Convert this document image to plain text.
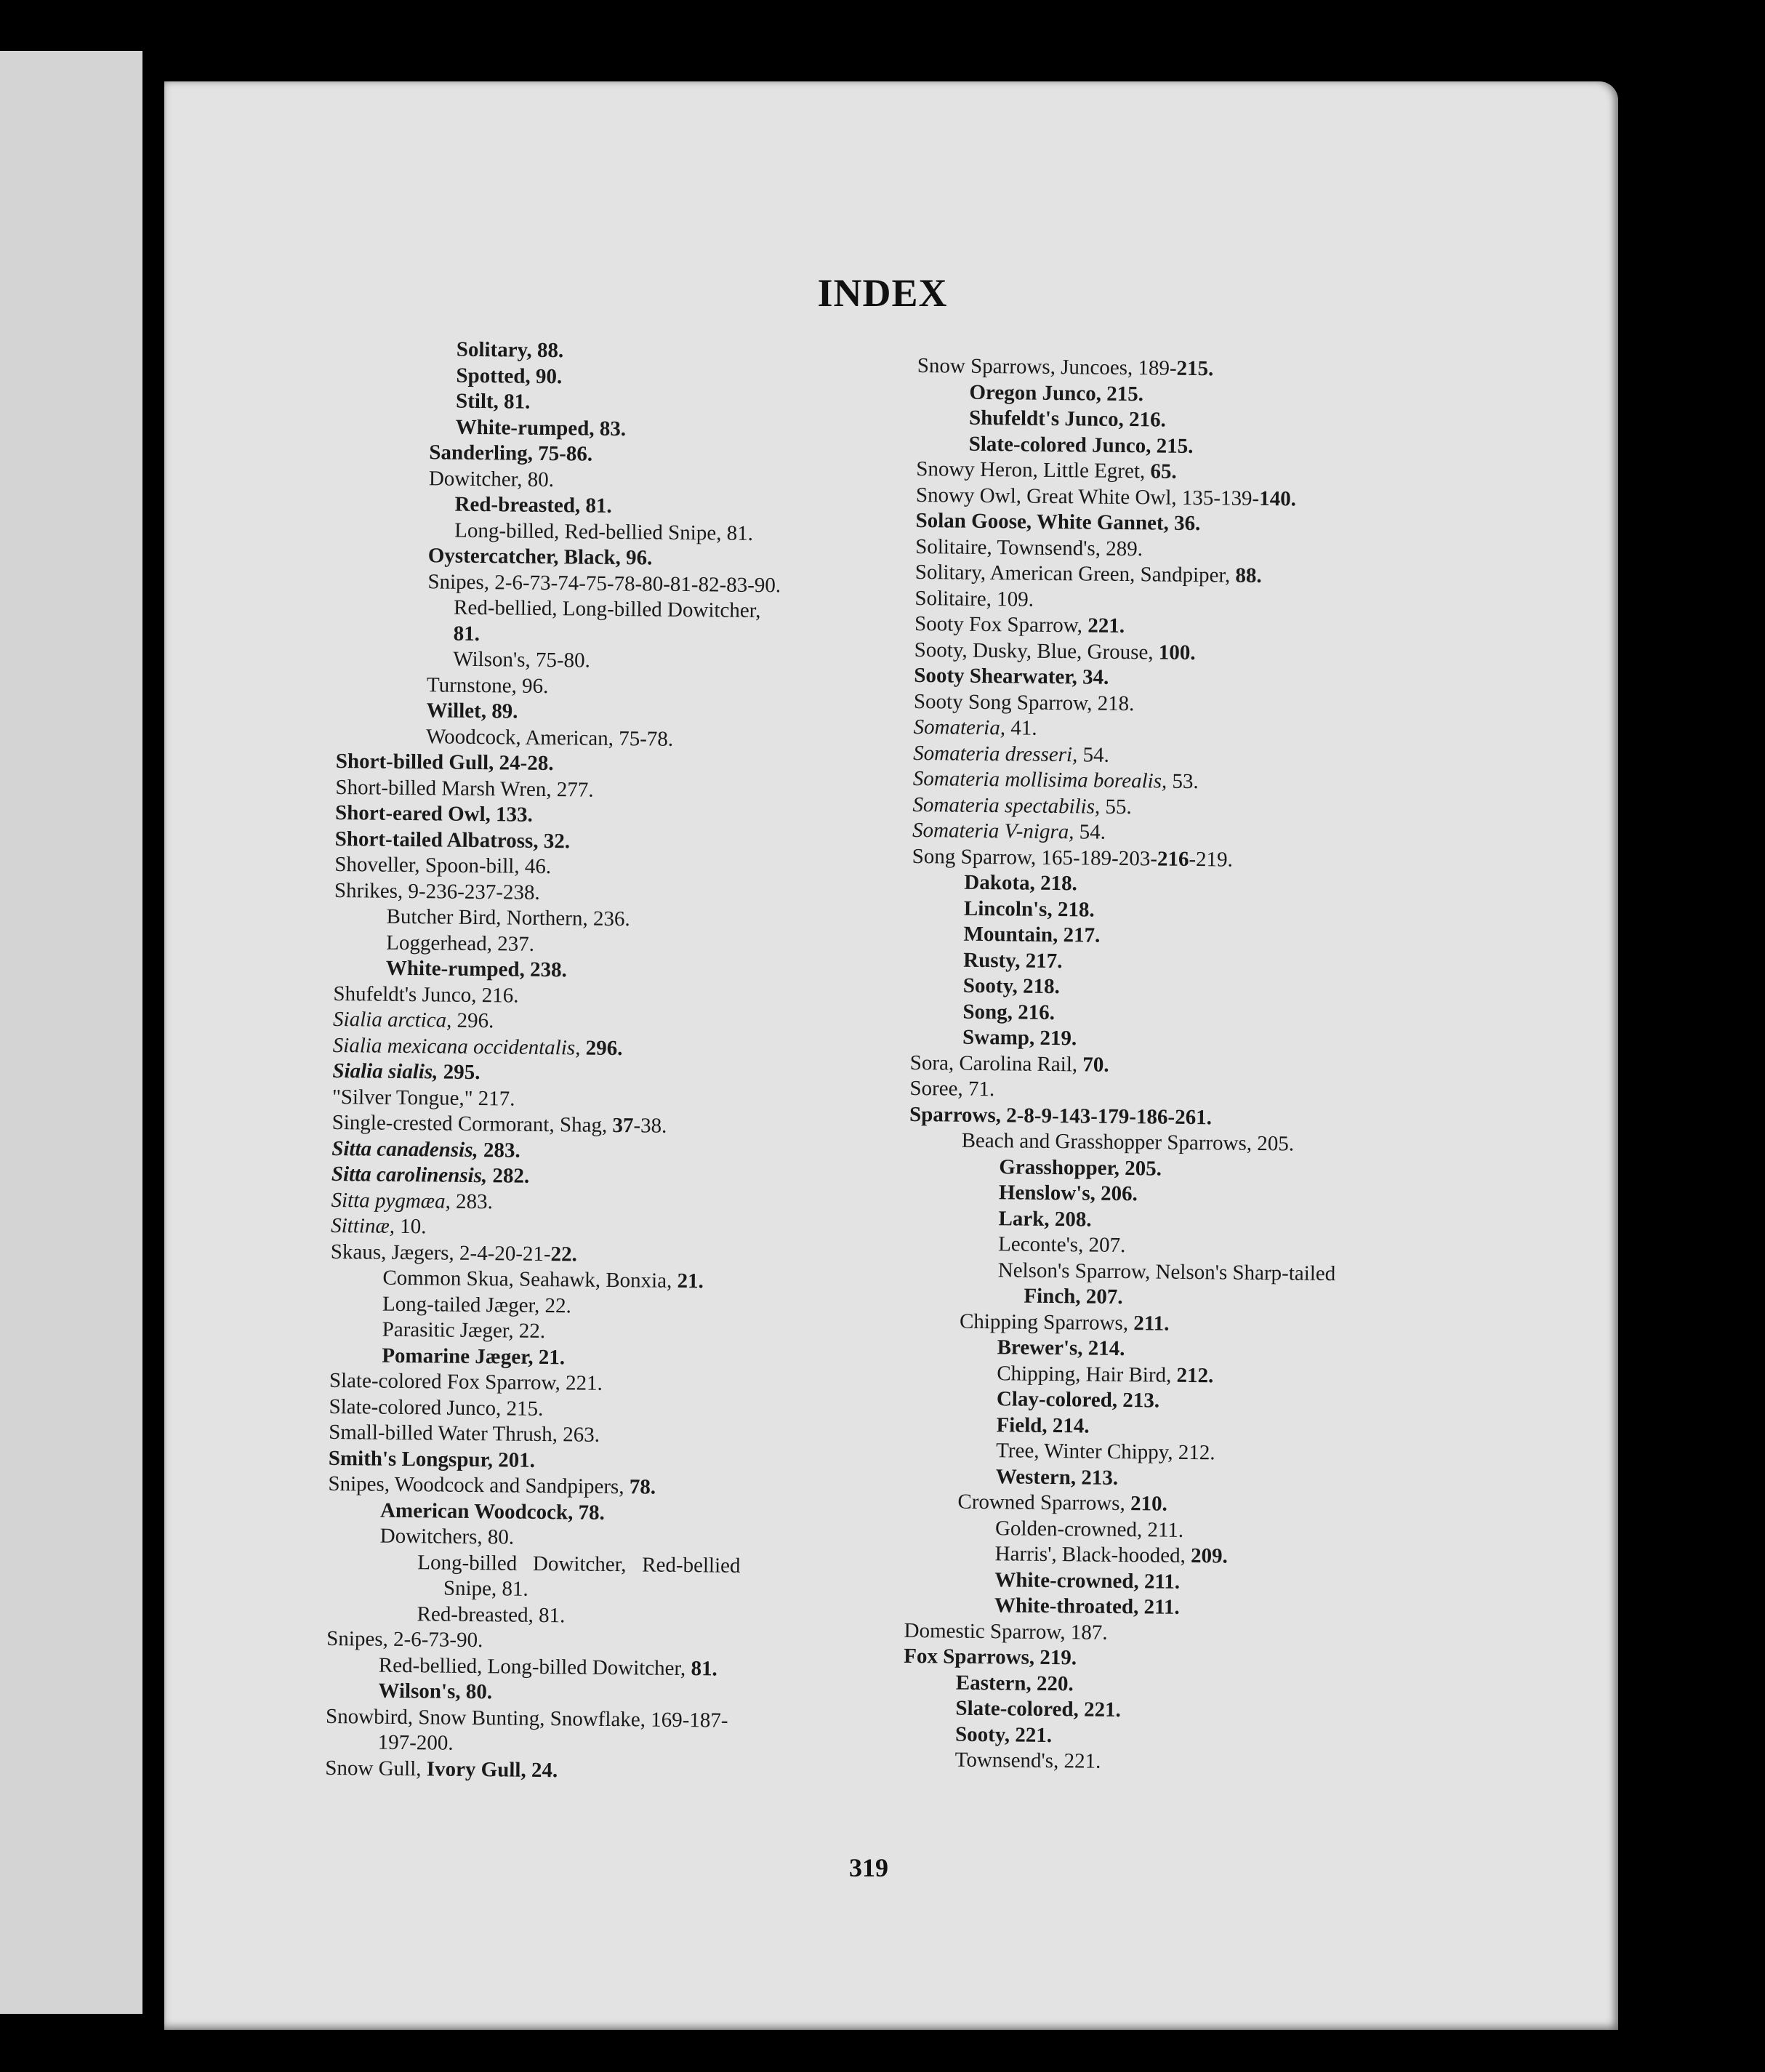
INDEX
Solitary, 88.
Spotted, 90.
Stilt, 81.
White-rumped, 83.
Sanderling, 75-86.
Dowitcher, 80.
Red-breasted, 81.
Long-billed, Red-bellied Snipe, 81.
Oystercatcher, Black, 96.
Snipes, 2-6-73-74-75-78-80-81-82-83-90.
Red-bellied, Long-billed Dowitcher,
81.
Wilson's, 75-80.
Turnstone, 96.
Willet, 89.
Woodcock, American, 75-78.
Short-billed Gull, 24-28.
Short-billed Marsh Wren, 277.
Short-eared Owl, 133.
Short-tailed Albatross, 32.
Shoveller, Spoon-bill, 46.
Shrikes, 9-236-237-238.
Butcher Bird, Northern, 236.
Loggerhead, 237.
White-rumped, 238.
Shufeldt's Junco, 216.
Sialia arctica, 296.
Sialia mexicana occidentalis, 296.
Sialia sialis, 295.
"Silver Tongue," 217.
Single-crested Cormorant, Shag, 37-38.
Sitta canadensis, 283.
Sitta carolinensis, 282.
Sitta pygmæa, 283.
Sittinæ, 10.
Skaus, Jægers, 2-4-20-21-22.
Common Skua, Seahawk, Bonxia, 21.
Long-tailed Jæger, 22.
Parasitic Jæger, 22.
Pomarine Jæger, 21.
Slate-colored Fox Sparrow, 221.
Slate-colored Junco, 215.
Small-billed Water Thrush, 263.
Smith's Longspur, 201.
Snipes, Woodcock and Sandpipers, 78.
American Woodcock, 78.
Dowitchers, 80.
Long-billed   Dowitcher,   Red-bellied
Snipe, 81.
Red-breasted, 81.
Snipes, 2-6-73-90.
Red-bellied, Long-billed Dowitcher, 81.
Wilson's, 80.
Snowbird, Snow Bunting, Snowflake, 169-187-
197-200.
Snow Gull, Ivory Gull, 24.
Snow Sparrows, Juncoes, 189-215.
Oregon Junco, 215.
Shufeldt's Junco, 216.
Slate-colored Junco, 215.
Snowy Heron, Little Egret, 65.
Snowy Owl, Great White Owl, 135-139-140.
Solan Goose, White Gannet, 36.
Solitaire, Townsend's, 289.
Solitary, American Green, Sandpiper, 88.
Solitaire, 109.
Sooty Fox Sparrow, 221.
Sooty, Dusky, Blue, Grouse, 100.
Sooty Shearwater, 34.
Sooty Song Sparrow, 218.
Somateria, 41.
Somateria dresseri, 54.
Somateria mollisima borealis, 53.
Somateria spectabilis, 55.
Somateria V-nigra, 54.
Song Sparrow, 165-189-203-216-219.
Dakota, 218.
Lincoln's, 218.
Mountain, 217.
Rusty, 217.
Sooty, 218.
Song, 216.
Swamp, 219.
Sora, Carolina Rail, 70.
Soree, 71.
Sparrows, 2-8-9-143-179-186-261.
Beach and Grasshopper Sparrows, 205.
Grasshopper, 205.
Henslow's, 206.
Lark, 208.
Leconte's, 207.
Nelson's Sparrow, Nelson's Sharp-tailed
Finch, 207.
Chipping Sparrows, 211.
Brewer's, 214.
Chipping, Hair Bird, 212.
Clay-colored, 213.
Field, 214.
Tree, Winter Chippy, 212.
Western, 213.
Crowned Sparrows, 210.
Golden-crowned, 211.
Harris', Black-hooded, 209.
White-crowned, 211.
White-throated, 211.
Domestic Sparrow, 187.
Fox Sparrows, 219.
Eastern, 220.
Slate-colored, 221.
Sooty, 221.
Townsend's, 221.
319
